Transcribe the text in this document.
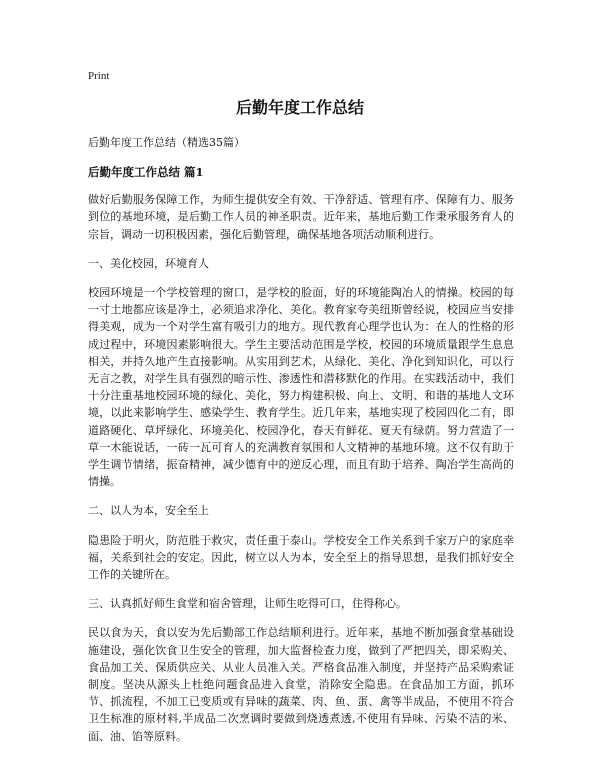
Print
后勤年度工作总结

后勤年度工作总结（精选35篇）

后勤年度工作总结 篇1

做好后勤服务保障工作，为师生提供安全有效、干净舒适、管理有序、保障有力、服务到位的基地环境，是后勤工作人员的神圣职责。近年来，基地后勤工作秉承服务育人的宗旨，调动一切积极因素，强化后勤管理，确保基地各项活动顺利进行。

一、美化校园，环境育人

校园环境是一个学校管理的窗口，是学校的脸面，好的环境能陶冶人的情操。校园的每一寸土地都应该是净土，必须追求净化、美化。教育家夸美纽斯曾经说，校园应当安排得美观，成为一个对学生富有吸引力的地方。现代教育心理学也认为：在人的性格的形成过程中，环境因素影响很大。学生主要活动范围是学校，校园的环境质量跟学生息息相关，并持久地产生直接影响。从实用到艺术，从绿化、美化、净化到知识化，可以行无言之教，对学生具有强烈的暗示性、渗透性和潜移默化的作用。在实践活动中，我们十分注重基地校园环境的绿化、美化，努力构建积极、向上、文明、和谐的基地人文环境，以此来影响学生、感染学生、教育学生。近几年来，基地实现了校园四化二有，即道路硬化、草坪绿化、环境美化、校园净化，春天有鲜花、夏天有绿荫。努力营造了一草一木能说话，一砖一瓦可育人的充满教育氛围和人文精神的基地环境。这不仅有助于学生调节情绪，振奋精神，减少德育中的逆反心理，而且有助于培养、陶冶学生高尚的情操。

二、以人为本，安全至上

隐患险于明火，防范胜于救灾，责任重于泰山。学校安全工作关系到千家万户的家庭幸福，关系到社会的安定。因此，树立以人为本，安全至上的指导思想，是我们抓好安全工作的关键所在。

三、认真抓好师生食堂和宿舍管理，让师生吃得可口，住得称心。

民以食为天，食以安为先后勤部工作总结顺利进行。近年来，基地不断加强食堂基础设施建设，强化饮食卫生安全的管理，加大监督检查力度，做到了严把四关，即采购关、食品加工关、保质供应关、从业人员准入关。严格食品准入制度，并坚持产品采购索证制度。坚决从源头上杜绝问题食品进入食堂，消除安全隐患。在食品加工方面，抓环节、抓流程，不加工已变质或有异味的蔬菜、肉、鱼、蛋、禽等半成品，不使用不符合卫生标准的原材料,半成品二次烹调时要做到烧透煮透,不使用有异味、污染不洁的米、面、油、馅等原料。
